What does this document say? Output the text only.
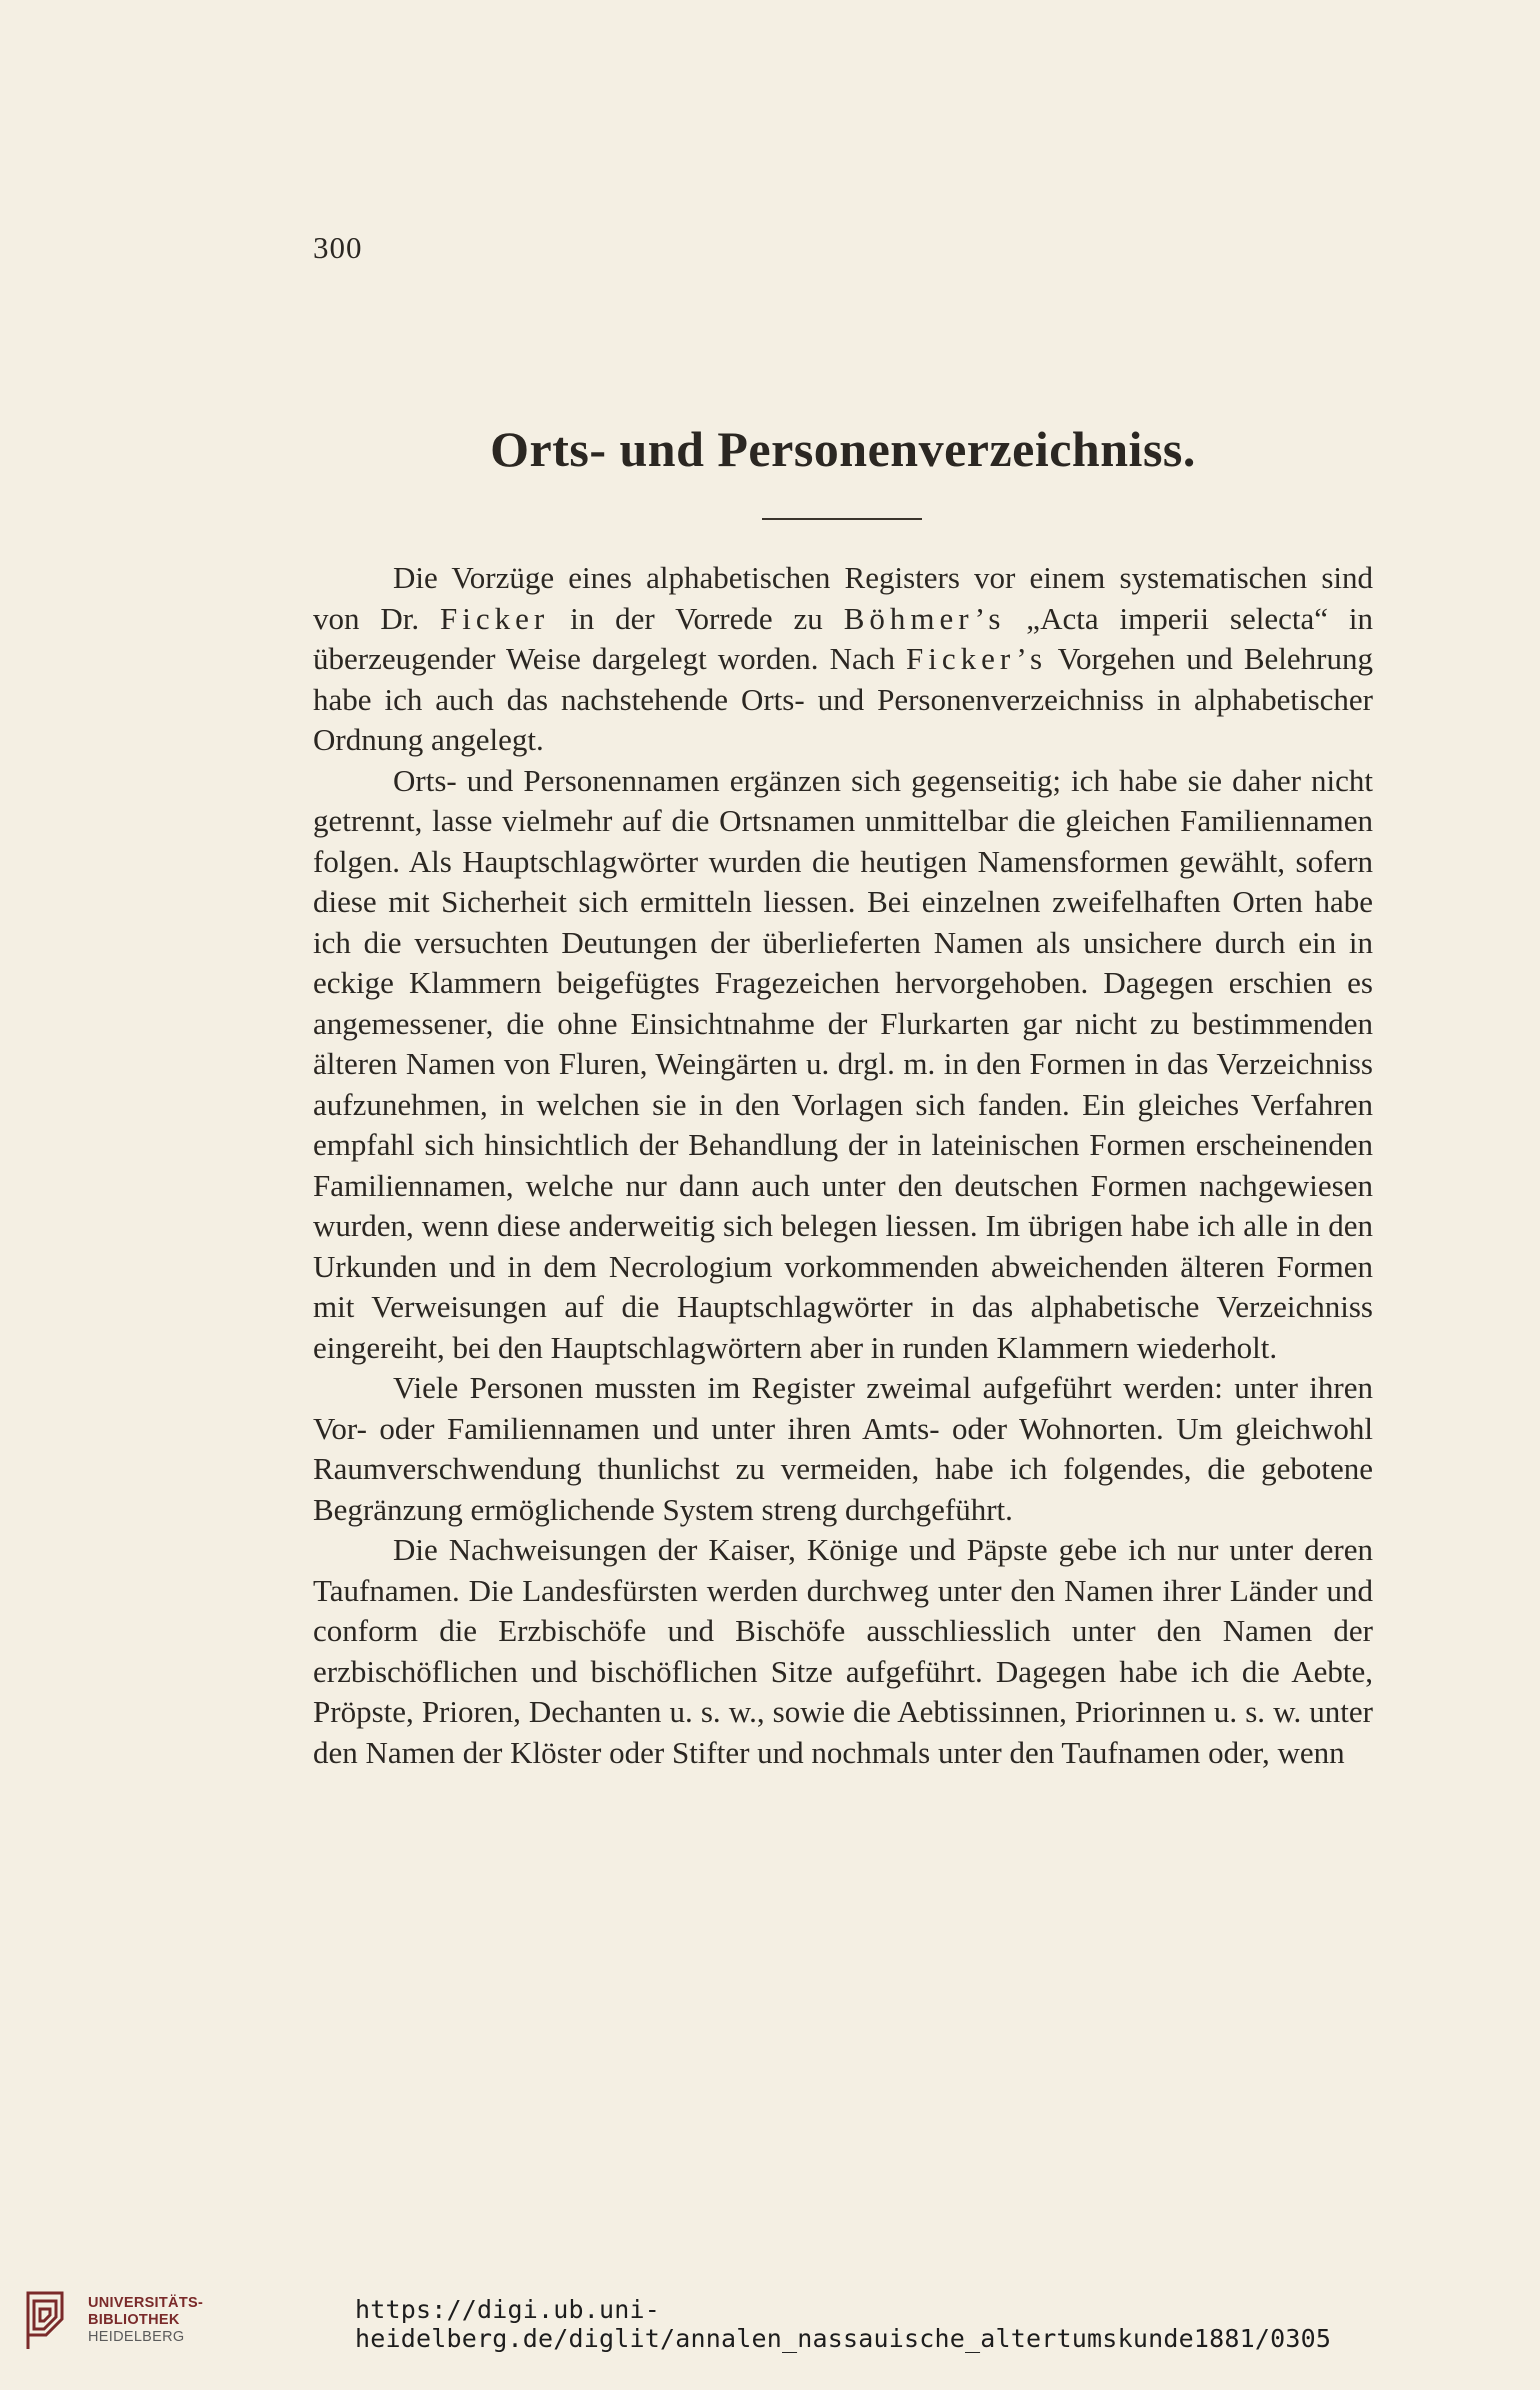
300
Orts- und Personenverzeichniss.

Die Vorzüge eines alphabetischen Registers vor einem systematischen sind von Dr. Ficker in der Vorrede zu Böhmer’s „Acta imperii selecta“ in überzeugender Weise dargelegt worden. Nach Ficker’s Vorgehen und Belehrung habe ich auch das nachstehende Orts- und Personenverzeichniss in alphabetischer Ordnung angelegt.

Orts- und Personennamen ergänzen sich gegenseitig; ich habe sie daher nicht getrennt, lasse vielmehr auf die Ortsnamen unmittelbar die gleichen Familiennamen folgen. Als Hauptschlagwörter wurden die heutigen Namensformen gewählt, sofern diese mit Sicherheit sich ermitteln liessen. Bei einzelnen zweifelhaften Orten habe ich die versuchten Deutungen der überlieferten Namen als unsichere durch ein in eckige Klammern beigefügtes Fragezeichen hervorgehoben. Dagegen erschien es angemessener, die ohne Einsichtnahme der Flurkarten gar nicht zu bestimmenden älteren Namen von Fluren, Weingärten u. drgl. m. in den Formen in das Verzeichniss aufzunehmen, in welchen sie in den Vorlagen sich fanden. Ein gleiches Verfahren empfahl sich hinsichtlich der Behandlung der in lateinischen Formen erscheinenden Familiennamen, welche nur dann auch unter den deutschen Formen nachgewiesen wurden, wenn diese anderweitig sich belegen liessen. Im übrigen habe ich alle in den Urkunden und in dem Necrologium vorkommenden abweichenden älteren Formen mit Verweisungen auf die Hauptschlagwörter in das alphabetische Verzeichniss eingereiht, bei den Hauptschlagwörtern aber in runden Klammern wiederholt.

Viele Personen mussten im Register zweimal aufgeführt werden: unter ihren Vor- oder Familiennamen und unter ihren Amts- oder Wohnorten. Um gleichwohl Raumverschwendung thunlichst zu vermeiden, habe ich folgendes, die gebotene Begränzung ermöglichende System streng durchgeführt.

Die Nachweisungen der Kaiser, Könige und Päpste gebe ich nur unter deren Taufnamen. Die Landesfürsten werden durchweg unter den Namen ihrer Länder und conform die Erzbischöfe und Bischöfe ausschliesslich unter den Namen der erzbischöflichen und bischöflichen Sitze aufgeführt. Dagegen habe ich die Aebte, Pröpste, Prioren, Dechanten u. s. w., sowie die Aebtissinnen, Priorinnen u. s. w. unter den Namen der Klöster oder Stifter und nochmals unter den Taufnamen oder, wenn

UNIVERSITÄTS-
BIBLIOTHEK
HEIDELBERG
https://digi.ub.uni-heidelberg.de/diglit/annalen_nassauische_altertumskunde1881/0305
